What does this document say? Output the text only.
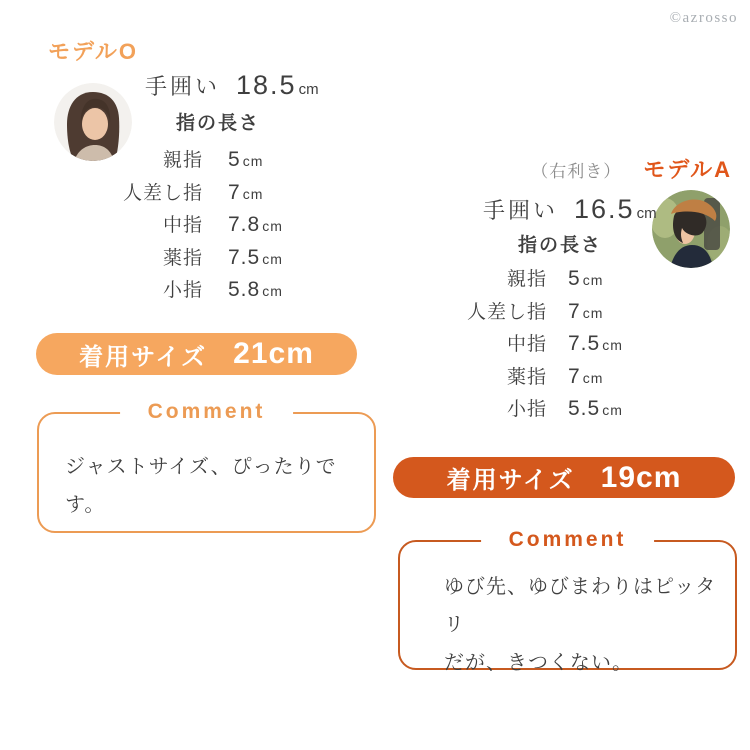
©azrosso
モデルO
手囲い 18.5 cm
指の長さ
親指 5 cm
人差し指 7 cm
中指 7.8 cm
薬指 7.5 cm
小指 5.8 cm
着用サイズ 21cm
Comment

ジャストサイズ、ぴったりです。

（右利き） モデルA
手囲い 16.5 cm
指の長さ
親指 5 cm
人差し指 7 cm
中指 7.5 cm
薬指 7 cm
小指 5.5 cm
着用サイズ 19cm
Comment

ゆび先、ゆびまわりはピッタリ
だが、きつくない。
